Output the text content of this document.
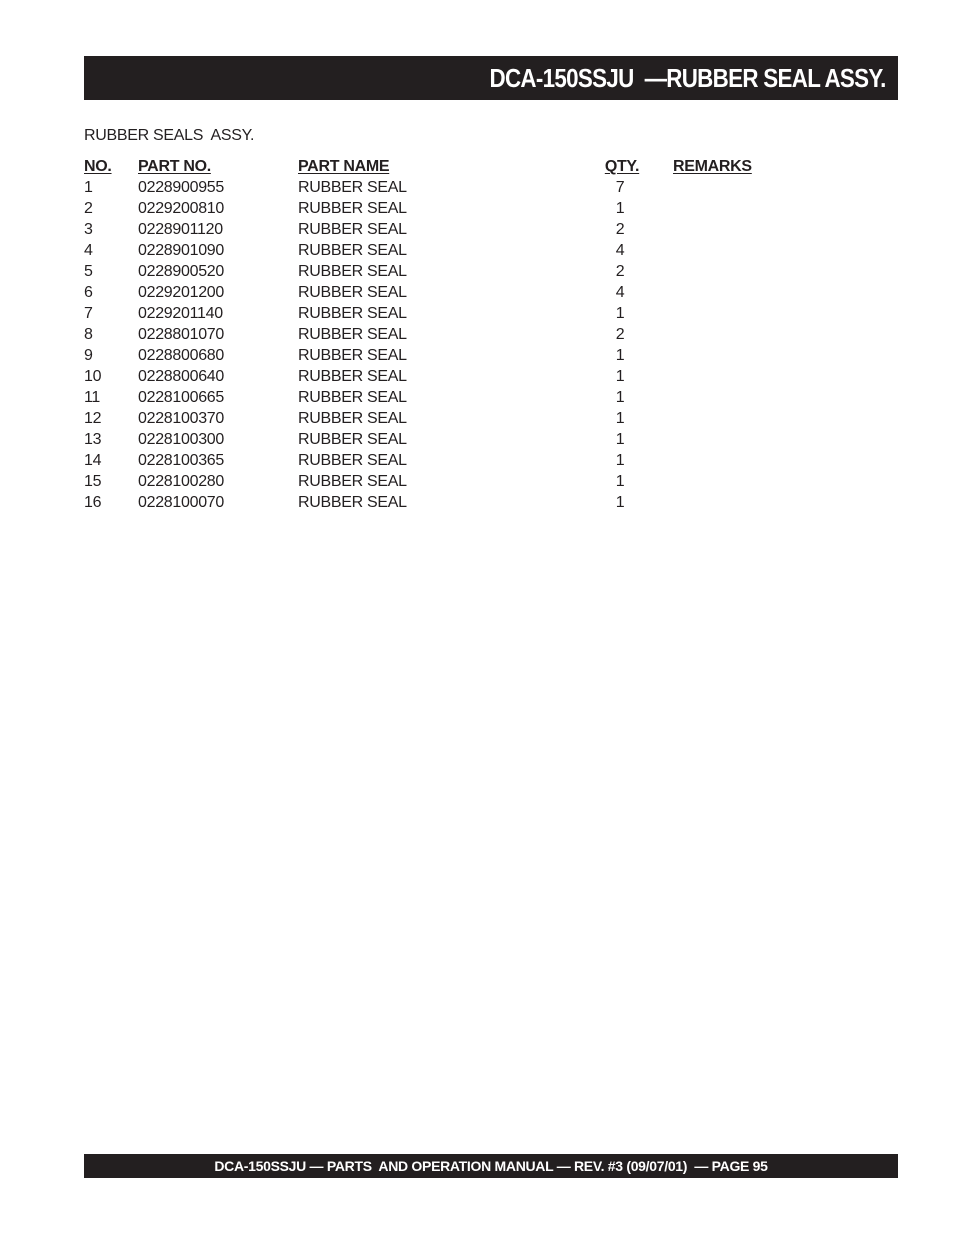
DCA-150SSJU  —RUBBER SEAL ASSY.
RUBBER SEALS  ASSY.
NO. PART NO.	PART NAME	QTY. REMARKS
1	0228900955	RUBBER SEAL	7
2	0229200810	RUBBER SEAL	1
3	0228901120	RUBBER SEAL	2
4	0228901090	RUBBER SEAL	4
5	0228900520	RUBBER SEAL	2
6	0229201200	RUBBER SEAL	4
7	0229201140	RUBBER SEAL	1
8	0228801070	RUBBER SEAL	2
9	0228800680	RUBBER SEAL	1
10 0228800640	RUBBER SEAL	1
11 0228100665	RUBBER SEAL	1
12 0228100370	RUBBER SEAL	1
13 0228100300	RUBBER SEAL	1
14 0228100365	RUBBER SEAL	1
15 0228100280	RUBBER SEAL	1
16 0228100070	RUBBER SEAL	1
DCA-150SSJU — PARTS  AND OPERATION MANUAL — REV. #3 (09/07/01)  — PAGE 95
